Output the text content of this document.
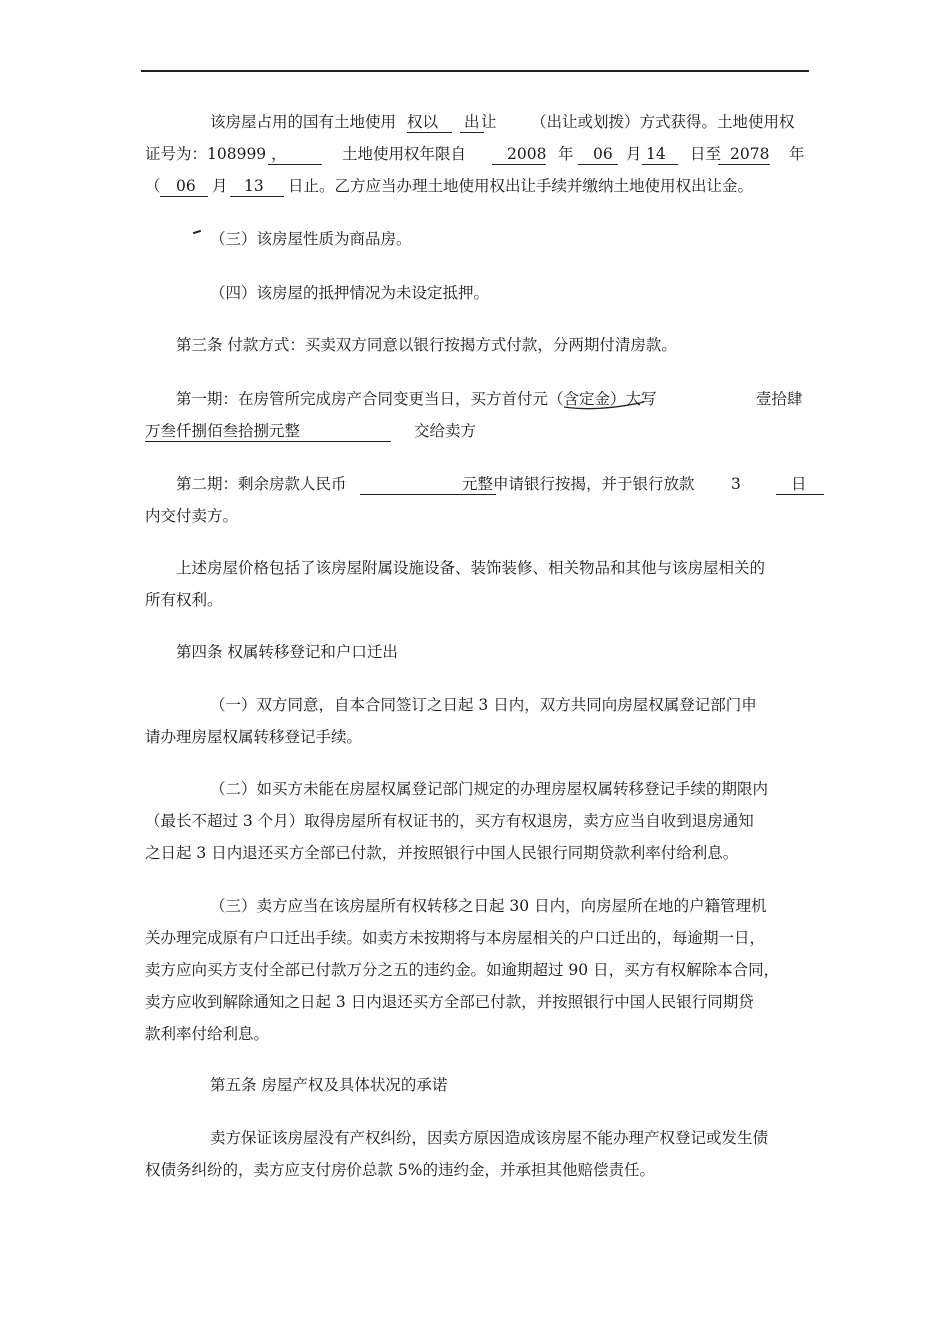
该房屋占用的国有土地使用 权以 出 让 （出让或划拨）方式获得。土地使用权
证号为：108999 ，	土地使用权年限自	2008 年 06 月 14 日至 2078 年
（ 06 月 13 日止。乙方应当办理土地使用权出让手续并缴纳土地使用权出让金。
（三）该房屋性质为商品房。
（四）该房屋的抵押情况为未设定抵押。
第三条 付款方式：买卖双方同意以银行按揭方式付款，分两期付清房款。
第一期：在房管所完成房产合同变更当日，买方首付元（含定金）大写	壹拾肆
万叁仟捌佰叁拾捌元整	交给卖方
第二期：剩余房款人民币	元整申请银行按揭，并于银行放款 3	日
内交付卖方。
上述房屋价格包括了该房屋附属设施设备、装饰装修、相关物品和其他与该房屋相关的
所有权利。
第四条 权属转移登记和户口迁出
（一）双方同意，自本合同签订之日起 3 日内，双方共同向房屋权属登记部门申
请办理房屋权属转移登记手续。
（二）如买方未能在房屋权属登记部门规定的办理房屋权属转移登记手续的期限内
（最长不超过 3 个月）取得房屋所有权证书的，买方有权退房，卖方应当自收到退房通知
之日起 3 日内退还买方全部已付款，并按照银行中国人民银行同期贷款利率付给利息。
（三）卖方应当在该房屋所有权转移之日起 30 日内，向房屋所在地的户籍管理机
关办理完成原有户口迁出手续。如卖方未按期将与本房屋相关的户口迁出的，每逾期一日，
卖方应向买方支付全部已付款万分之五的违约金。如逾期超过 90 日，买方有权解除本合同，
卖方应收到解除通知之日起 3 日内退还买方全部已付款，并按照银行中国人民银行同期贷
款利率付给利息。
第五条 房屋产权及具体状况的承诺
卖方保证该房屋没有产权纠纷，因卖方原因造成该房屋不能办理产权登记或发生债
权债务纠纷的，卖方应支付房价总款 5%的违约金，并承担其他赔偿责任。
